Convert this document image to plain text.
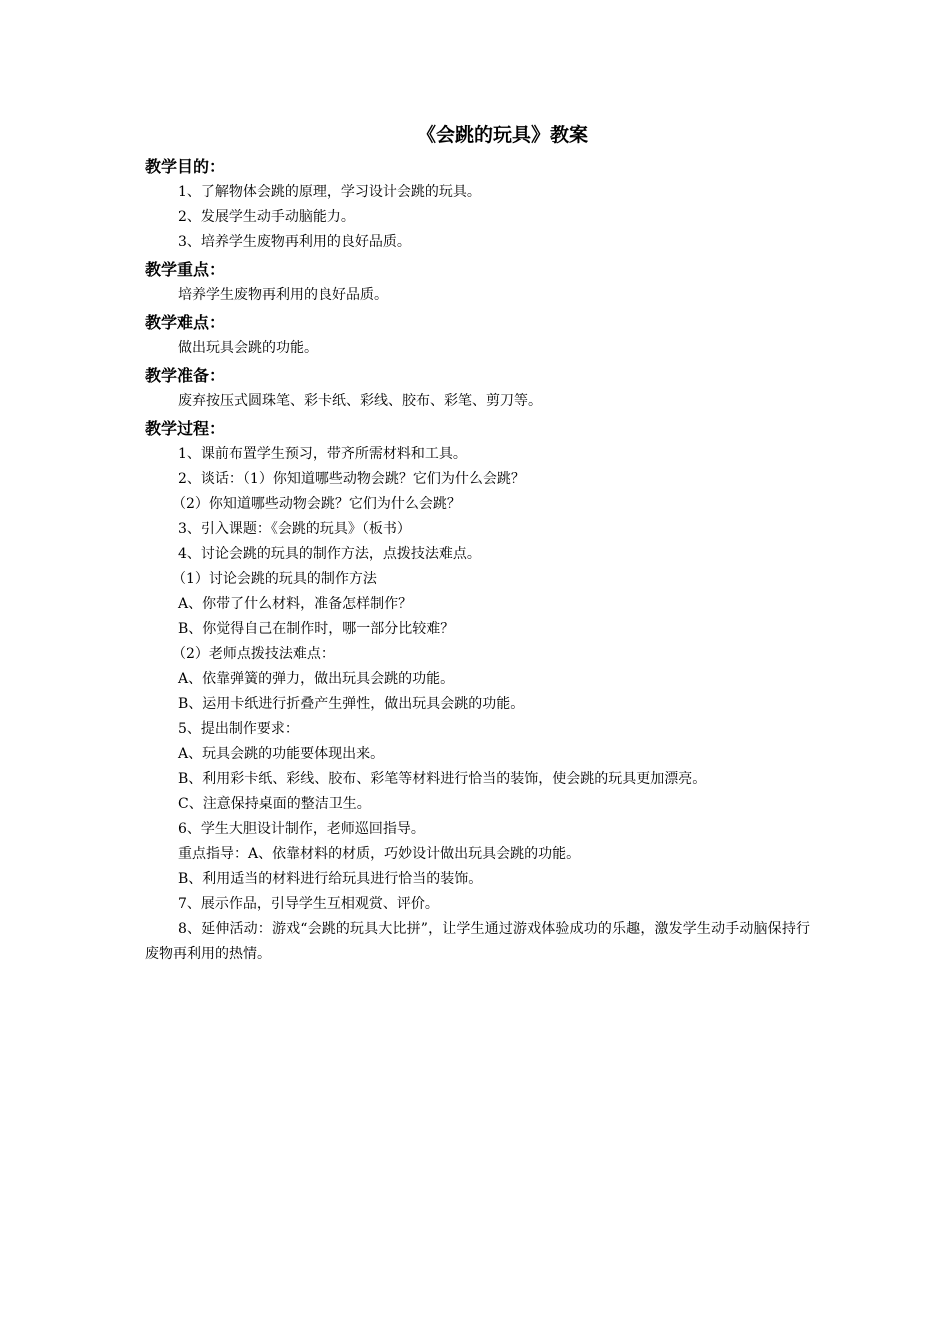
《会跳的玩具》教案
教学目的：
1、了解物体会跳的原理，学习设计会跳的玩具。
2、发展学生动手动脑能力。
3、培养学生废物再利用的良好品质。
教学重点：
培养学生废物再利用的良好品质。
教学难点：
做出玩具会跳的功能。
教学准备：
废弃按压式圆珠笔、彩卡纸、彩线、胶布、彩笔、剪刀等。
教学过程：
1、课前布置学生预习，带齐所需材料和工具。
2、谈话：（1）你知道哪些动物会跳？它们为什么会跳？
（2）你知道哪些动物会跳？它们为什么会跳？
3、引入课题：《会跳的玩具》（板书）
4、讨论会跳的玩具的制作方法，点拨技法难点。
（1）讨论会跳的玩具的制作方法
A、你带了什么材料，准备怎样制作？
B、你觉得自己在制作时，哪一部分比较难？
（2）老师点拨技法难点：
A、依靠弹簧的弹力，做出玩具会跳的功能。
B、运用卡纸进行折叠产生弹性，做出玩具会跳的功能。
5、提出制作要求：
A、玩具会跳的功能要体现出来。
B、利用彩卡纸、彩线、胶布、彩笔等材料进行恰当的装饰，使会跳的玩具更加漂亮。
C、注意保持桌面的整洁卫生。
6、学生大胆设计制作，老师巡回指导。
重点指导：A、依靠材料的材质，巧妙设计做出玩具会跳的功能。
B、利用适当的材料进行给玩具进行恰当的装饰。
7、展示作品，引导学生互相观赏、评价。
8、延伸活动：游戏“会跳的玩具大比拼”，让学生通过游戏体验成功的乐趣，激发学生动手动脑保持行废物再利用的热情。
